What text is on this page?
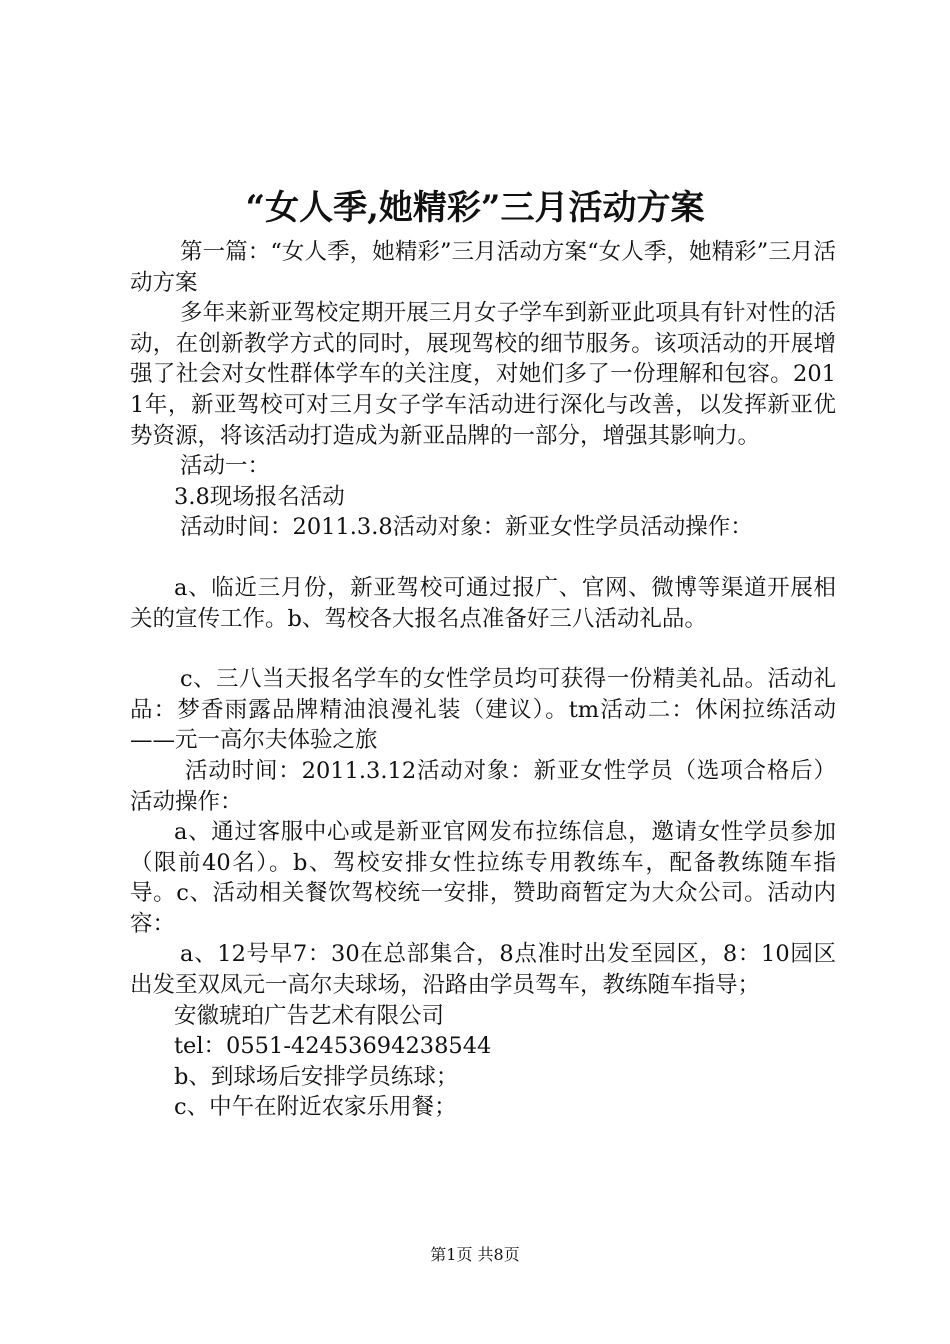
“女人季,她精彩”三月活动方案

第一篇：“女人季，她精彩”三月活动方案“女人季，她精彩”三月活动方案

多年来新亚驾校定期开展三月女子学车到新亚此项具有针对性的活动，在创新教学方式的同时，展现驾校的细节服务。该项活动的开展增强了社会对女性群体学车的关注度，对她们多了一份理解和包容。2011年，新亚驾校可对三月女子学车活动进行深化与改善，以发挥新亚优势资源，将该活动打造成为新亚品牌的一部分，增强其影响力。

活动一：

3.8现场报名活动

活动时间：2011.3.8活动对象：新亚女性学员活动操作：

a、临近三月份，新亚驾校可通过报广、官网、微博等渠道开展相关的宣传工作。b、驾校各大报名点准备好三八活动礼品。

c、三八当天报名学车的女性学员均可获得一份精美礼品。活动礼品：梦香雨露品牌精油浪漫礼装（建议）。tm活动二：休闲拉练活动——元一高尔夫体验之旅

活动时间：2011.3.12活动对象：新亚女性学员（选项合格后）活动操作：

a、通过客服中心或是新亚官网发布拉练信息，邀请女性学员参加（限前40名）。b、驾校安排女性拉练专用教练车，配备教练随车指导。c、活动相关餐饮驾校统一安排，赞助商暂定为大众公司。活动内容：

a、12号早7：30在总部集合，8点准时出发至园区，8：10园区出发至双凤元一高尔夫球场，沿路由学员驾车，教练随车指导；

安徽琥珀广告艺术有限公司

tel：0551-42453694238544

b、到球场后安排学员练球；

c、中午在附近农家乐用餐；

第1页 共8页
